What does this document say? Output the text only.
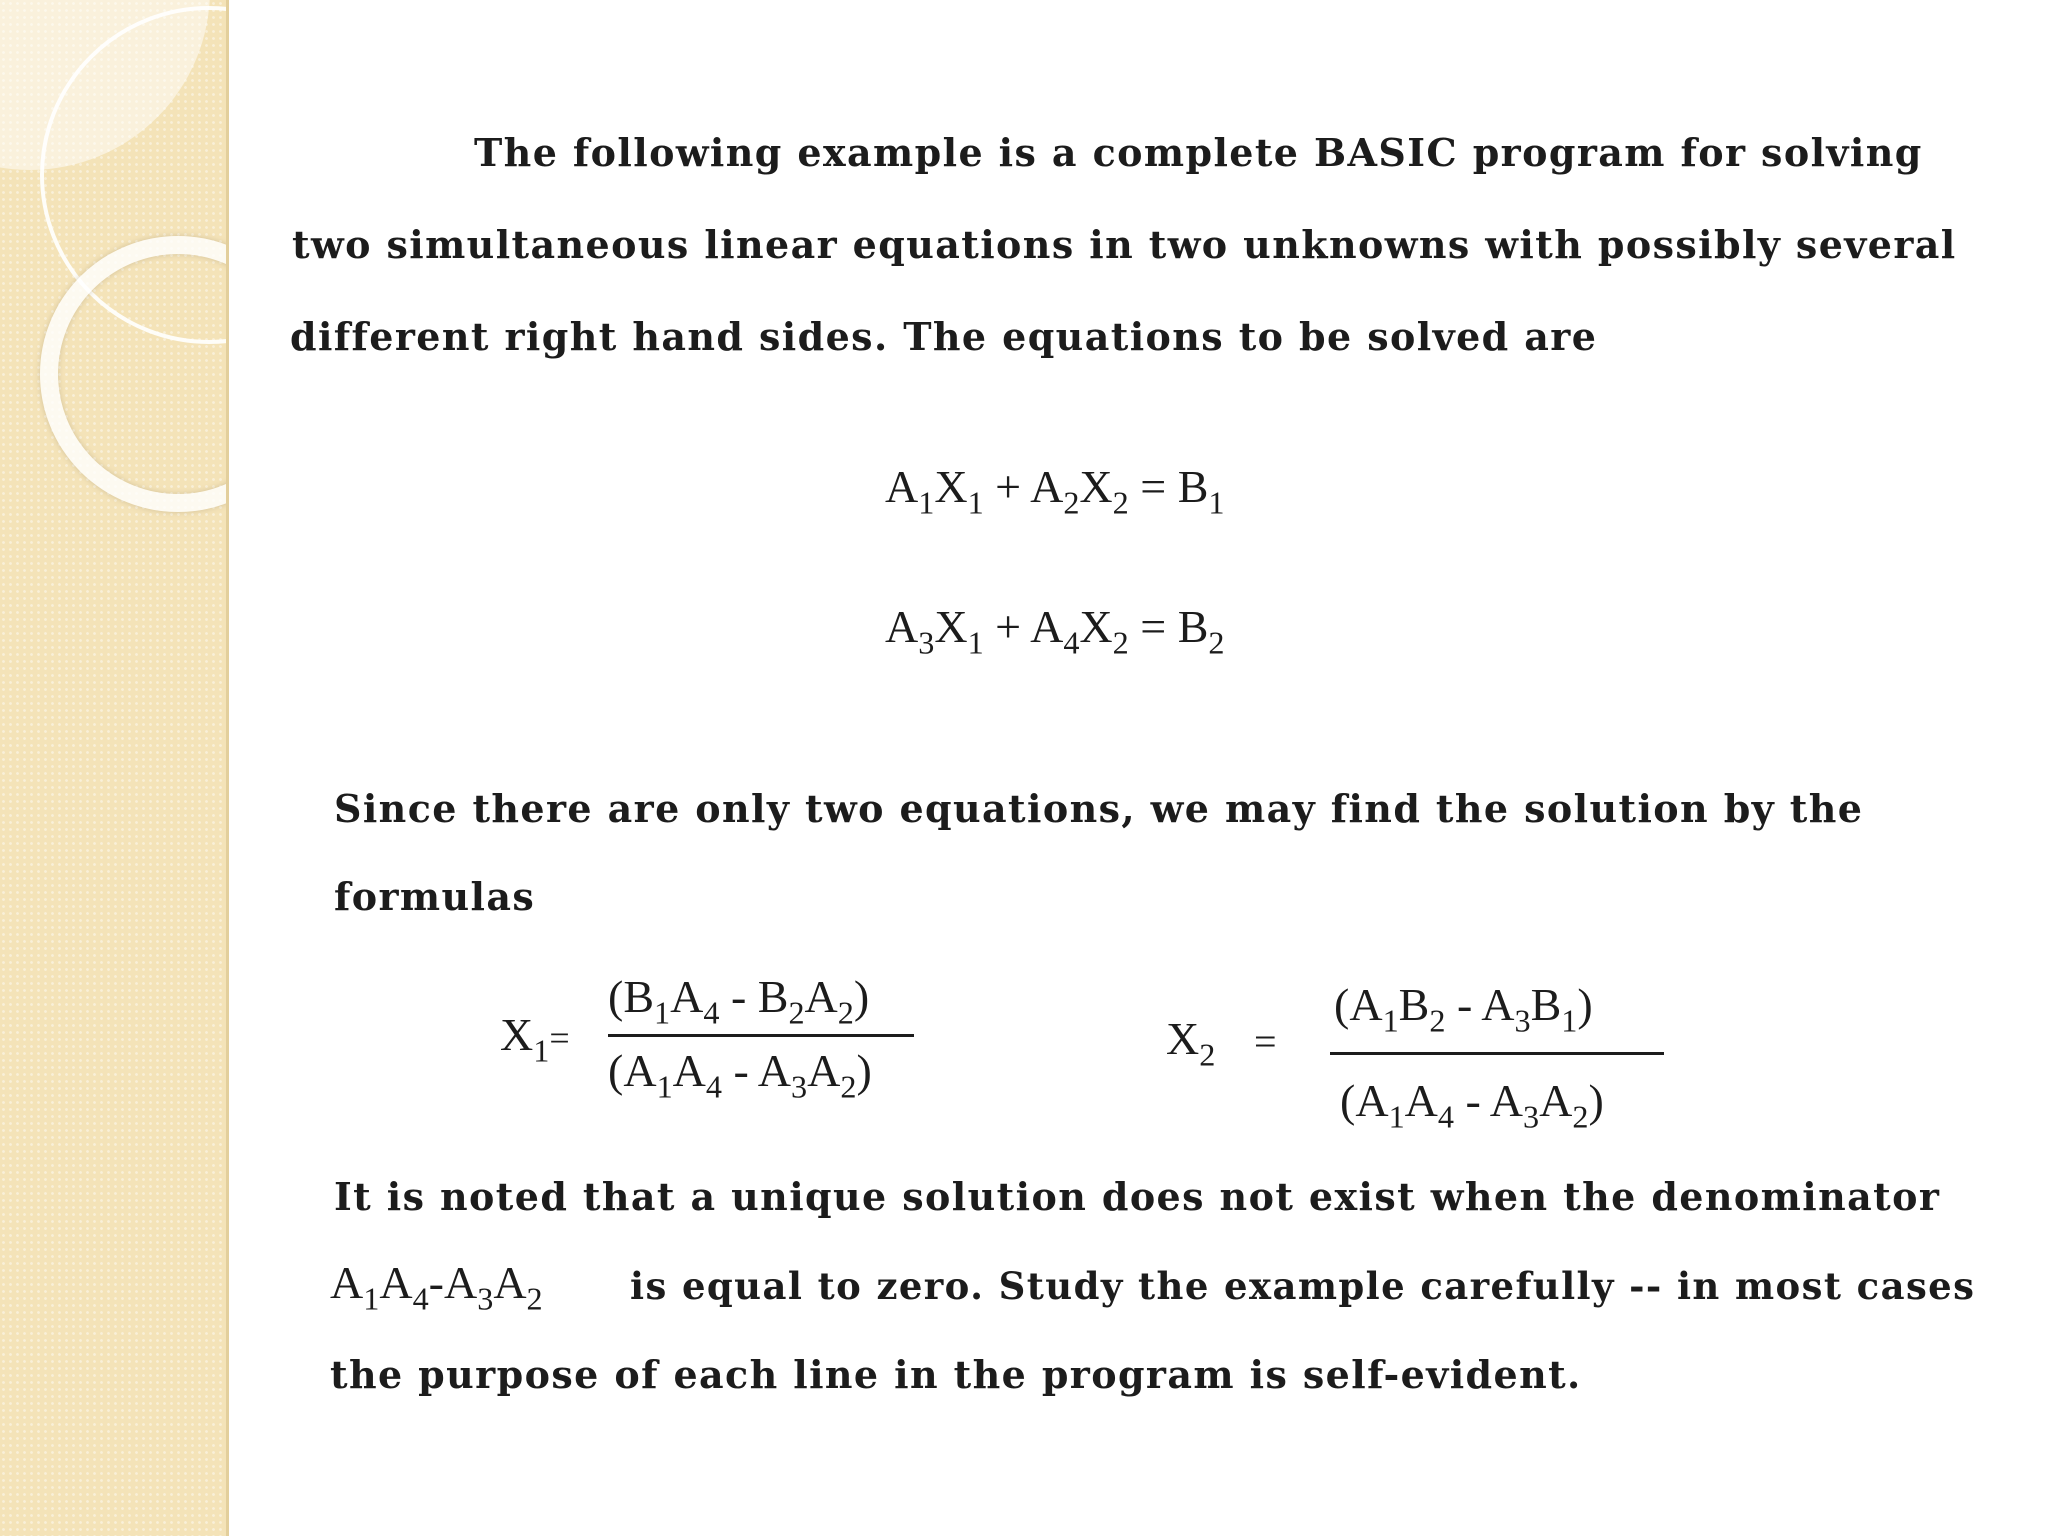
The following example is a complete BASIC program for solving
two simultaneous linear equations in two unknowns with possibly several
different right hand sides. The equations to be solved are
$A_1X_1 + A_2X_2 = B_1$
$A_3X_1 + A_4X_2 = B_2$
Since there are only two equations, we may find the solution by the
formulas
$X_1=$
$(B_1A_4 - B_2A_2)$
$(A_1A_4 - A_3A_2)$
$X_2$ =
$(A_1B_2 - A_3B_1)$
$(A_1A_4 - A_3A_2)$
It is noted that a unique solution does not exist when the denominator
$A_1A_4-A_3A_2$ is equal to zero. Study the example carefully -- in most cases
the purpose of each line in the program is self-evident.
